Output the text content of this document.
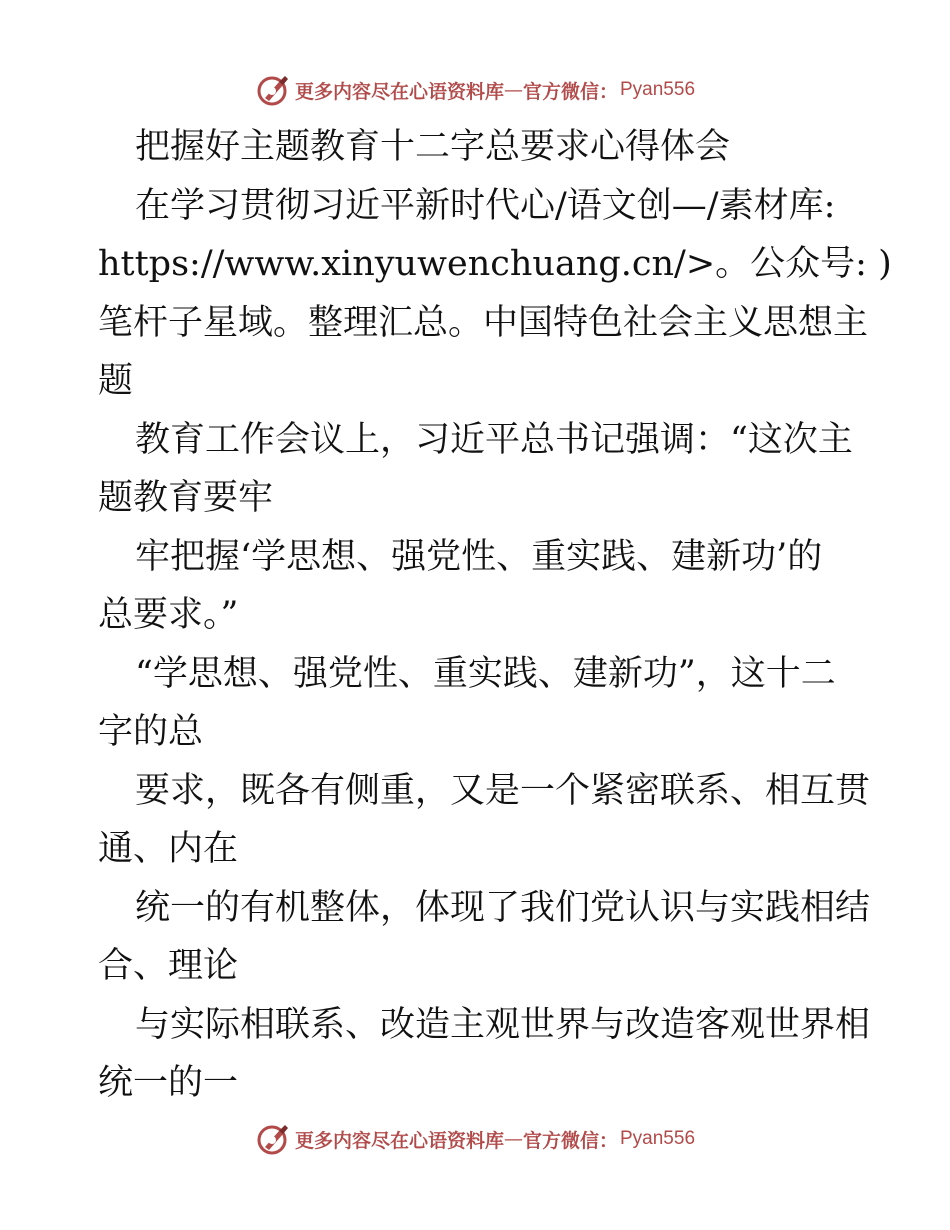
更多内容尽在心语资料库 — 官方微信： Pyan556
把握好主题教育十二字总要求心得体会
在学习贯彻习近平新时代心/语文创—/素材库:
https://www.xinyuwenchuang.cn/>。公众号: )
笔杆子星域。整理汇总。中国特色社会主义思想主
题
教育工作会议上，习近平总书记强调：“这次主
题教育要牢
牢把握‘学思想、强党性、重实践、建新功’的
总要求。”
“学思想、强党性、重实践、建新功”，这十二
字的总
要求，既各有侧重，又是一个紧密联系、相互贯
通、内在
统一的有机整体，体现了我们党认识与实践相结
合、理论
与实际相联系、改造主观世界与改造客观世界相
统一的一
更多内容尽在心语资料库 — 官方微信： Pyan556
